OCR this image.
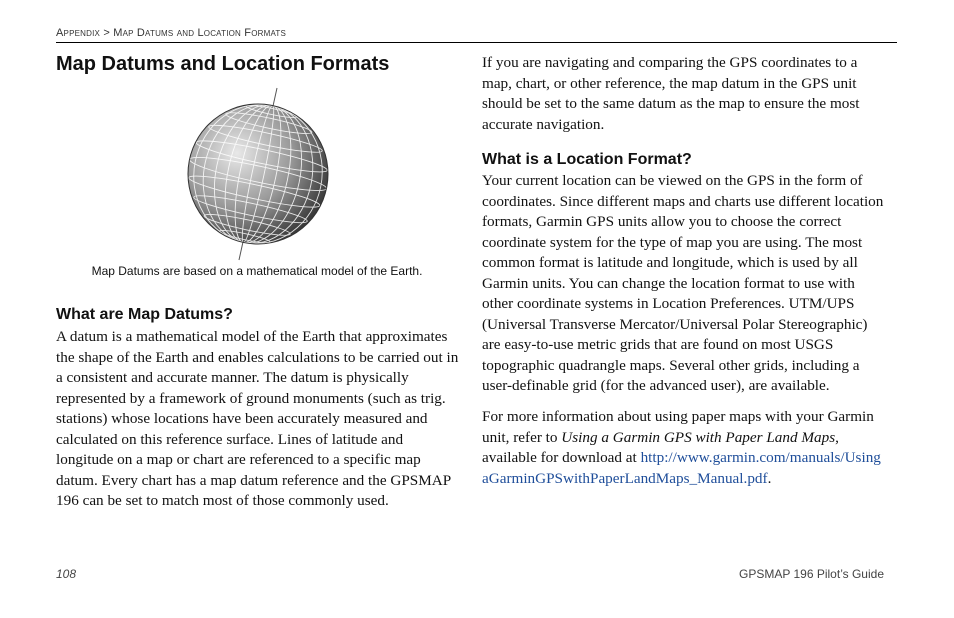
Appendix > Map Datums and Location Formats
Map Datums and Location Formats
Map Datums are based on a mathematical model of the Earth.
What are Map Datums?

A datum is a mathematical model of the Earth that approximates the shape of the Earth and enables calculations to be carried out in a consistent and accurate manner. The datum is physically represented by a framework of ground monuments (such as trig. stations) whose locations have been accurately measured and calculated on this reference surface. Lines of latitude and longitude on a map or chart are referenced to a specific map datum. Every chart has a map datum reference and the GPSMAP 196 can be set to match most of those commonly used.

If you are navigating and comparing the GPS coordinates to a map, chart, or other reference, the map datum in the GPS unit should be set to the same datum as the map to ensure the most accurate navigation.

What is a Location Format?

Your current location can be viewed on the GPS in the form of coordinates. Since different maps and charts use different location formats, Garmin GPS units allow you to choose the correct coordinate system for the type of map you are using. The most common format is latitude and longitude, which is used by all Garmin units. You can change the location format to use with other coordinate systems in Location Preferences. UTM/UPS (Universal Transverse Mercator/Universal Polar Stereographic) are easy-to-use metric grids that are found on most USGS topographic quadrangle maps. Several other grids, including a user-definable grid (for the advanced user), are available.

For more information about using paper maps with your Garmin unit, refer to Using a Garmin GPS with Paper Land Maps, available for download at http://www.garmin.com/manuals/UsingaGarminGPSwithPaperLandMaps_Manual.pdf.

108	GPSMAP 196 Pilot’s Guide
